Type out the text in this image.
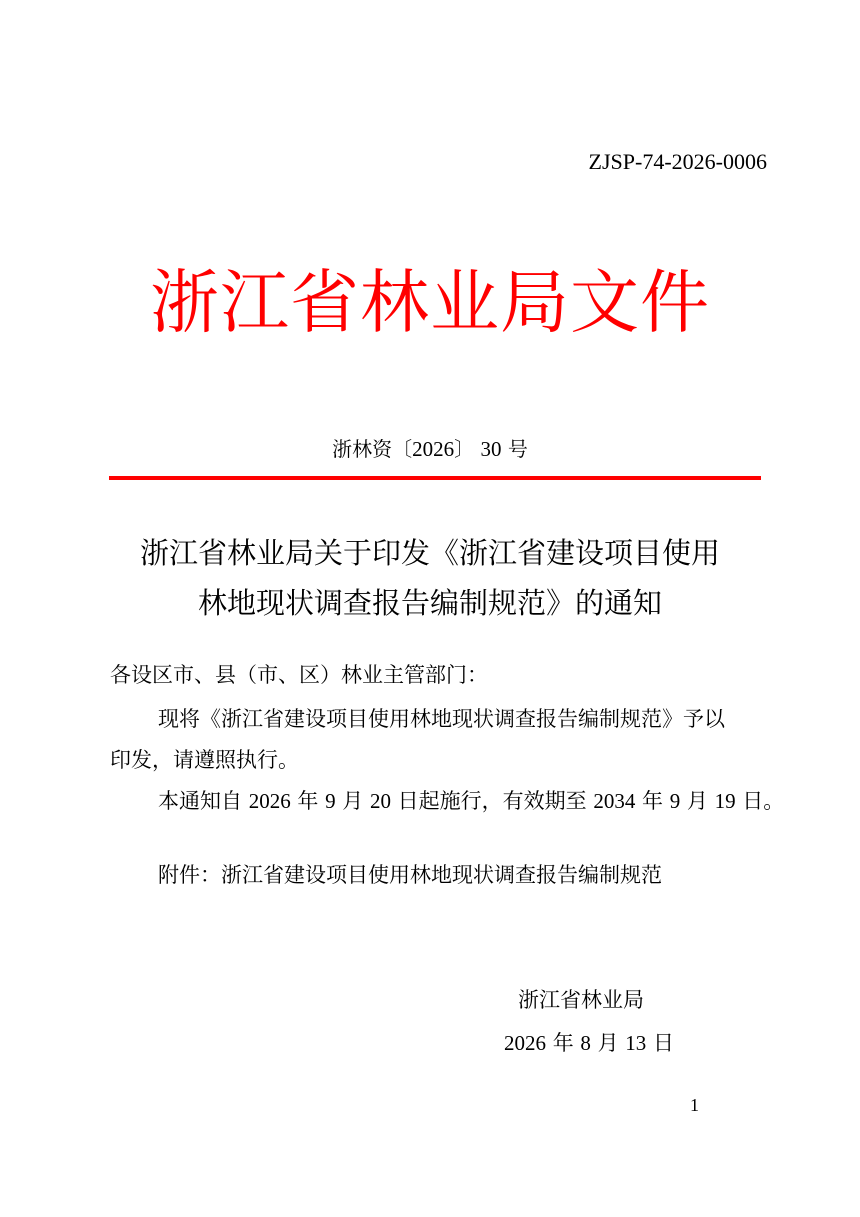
ZJSP-74-2026-0006
浙江省林业局文件
浙林资〔2026〕 30 号
浙江省林业局关于印发《浙江省建设项目使用
林地现状调查报告编制规范》的通知
各设区市、县（市、区）林业主管部门：
现将《浙江省建设项目使用林地现状调查报告编制规范》予以
印发，请遵照执行。
本通知自 2026 年 9 月 20 日起施行，有效期至 2034 年 9 月 19 日。
附件：浙江省建设项目使用林地现状调查报告编制规范
浙江省林业局
2026 年 8 月 13 日
1
